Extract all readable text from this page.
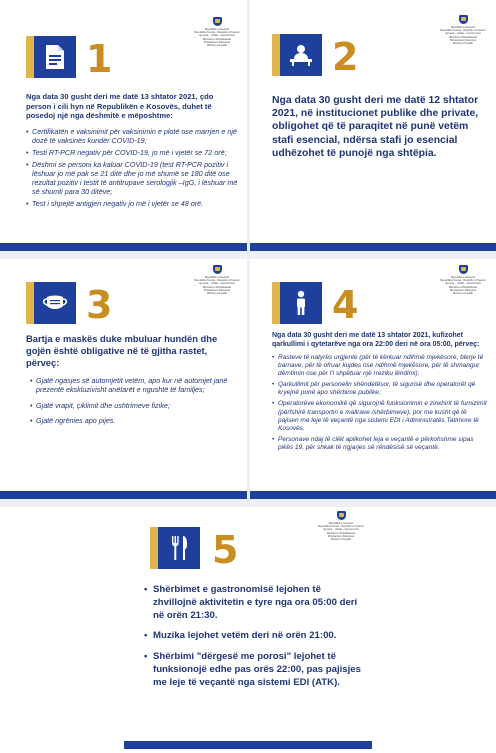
1
Republika e Kosovës
Republika Kosova · Republic of Kosovo
Qeveria – Vlada – Government
Ministria e Shëndetësisë
Ministarstvo Zdravstva
Ministry of Health
Nga data 30 gusht deri me datë 13 shtator 2021, çdo person i cili hyn në Republikën e Kosovës, duhet të posedoj një nga dëshmitë e mëposhtme:
• Certifikatën e vaksinimit për vaksinimin e plotë ose marrjen e një dozë të vaksinës kundër COVID-19;
• Testi RT-PCR negativ për COVID-19, jo më i vjetër se 72 orë;
• Dëshmi se personi ka kaluar COVID-19 (test RT-PCR pozitiv i lëshuar jo më pak se 21 ditë dhe jo më shumë se 180 ditë ose rezultat pozitiv i testit të antitrupave serologjik –IgG, i lëshuar më së shumti para 30 ditëve;
• Test i shpejtë antigjen negativ jo më i vjetër se 48 orë.
2
Republika e Kosovës
Republika Kosova · Republic of Kosovo
Qeveria – Vlada – Government
Ministria e Shëndetësisë
Ministarstvo Zdravstva
Ministry of Health
Nga data 30 gusht deri me datë 12 shtator 2021, në institucionet publike dhe private, obligohet që të paraqitet në punë vetëm stafi esencial, ndërsa stafi jo esencial udhëzohet të punojë nga shtëpia.
3
Republika e Kosovës
Republika Kosova · Republic of Kosovo
Qeveria – Vlada – Government
Ministria e Shëndetësisë
Ministarstvo Zdravstva
Ministry of Health
Bartja e maskës duke mbuluar hundën dhe gojën është obligative në të gjitha rastet, përveç:
• Gjatë ngasjes së automjetit vetëm, apo kur në automjet janë prezentë ekskluzivisht anëtarët e ngushtë të familjes;
• Gjatë vrapit, çiklimit dhe ushtrimeve fizike;
• Gjatë ngrënies apo pijes.
4
Republika e Kosovës
Republika Kosova · Republic of Kosovo
Qeveria – Vlada – Government
Ministria e Shëndetësisë
Ministarstvo Zdravstva
Ministry of Health
Nga data 30 gusht deri me datë 13 shtator 2021, kufizohet qarkullimi i qytetarëve nga ora 22:00 deri në ora 05:00, përveç:
• Rasteve të natyrës urgjente (për të kërkuar ndihmë mjekësore, blerje të barnave, për të ofruar kujdes ose ndihmë mjekësore, për të shmangur dëmtimin ose për t'i shpëtuar një rreziku lëndimi);
• Qarkullimit për personelin shëndetësor, të sigurisë dhe operatorët që kryejnë punë apo shërbime publike;
• Operatorëve ekonomikë që sigurojnë funksionimin e zinxhirit të furnizimit (përfshirë transportin e mallrave /shërbimeve), por me kusht që të pajisen me leje të veçantë nga sistemi EDI i Administratës Tatimore të Kosovës.
• Personave ndaj të cilët aplikohet leja e veçantë e përkohshme sipas pikës 19, për shkak të ngjarjes së rëndësisë së veçantë.
5
Republika e Kosovës
Republika Kosova · Republic of Kosovo
Qeveria – Vlada – Government
Ministria e Shëndetësisë
Ministarstvo Zdravstva
Ministry of Health
• Shërbimet e gastronomisë lejohen të zhvillojnë aktivitetin e tyre nga ora 05:00 deri në orën 21:30.
• Muzika lejohet vetëm deri në orën 21:00.
• Shërbimi "dërgesë me porosi" lejohet të funksionojë edhe pas orës 22:00, pas pajisjes me leje të veçantë nga sistemi EDI (ATK).
